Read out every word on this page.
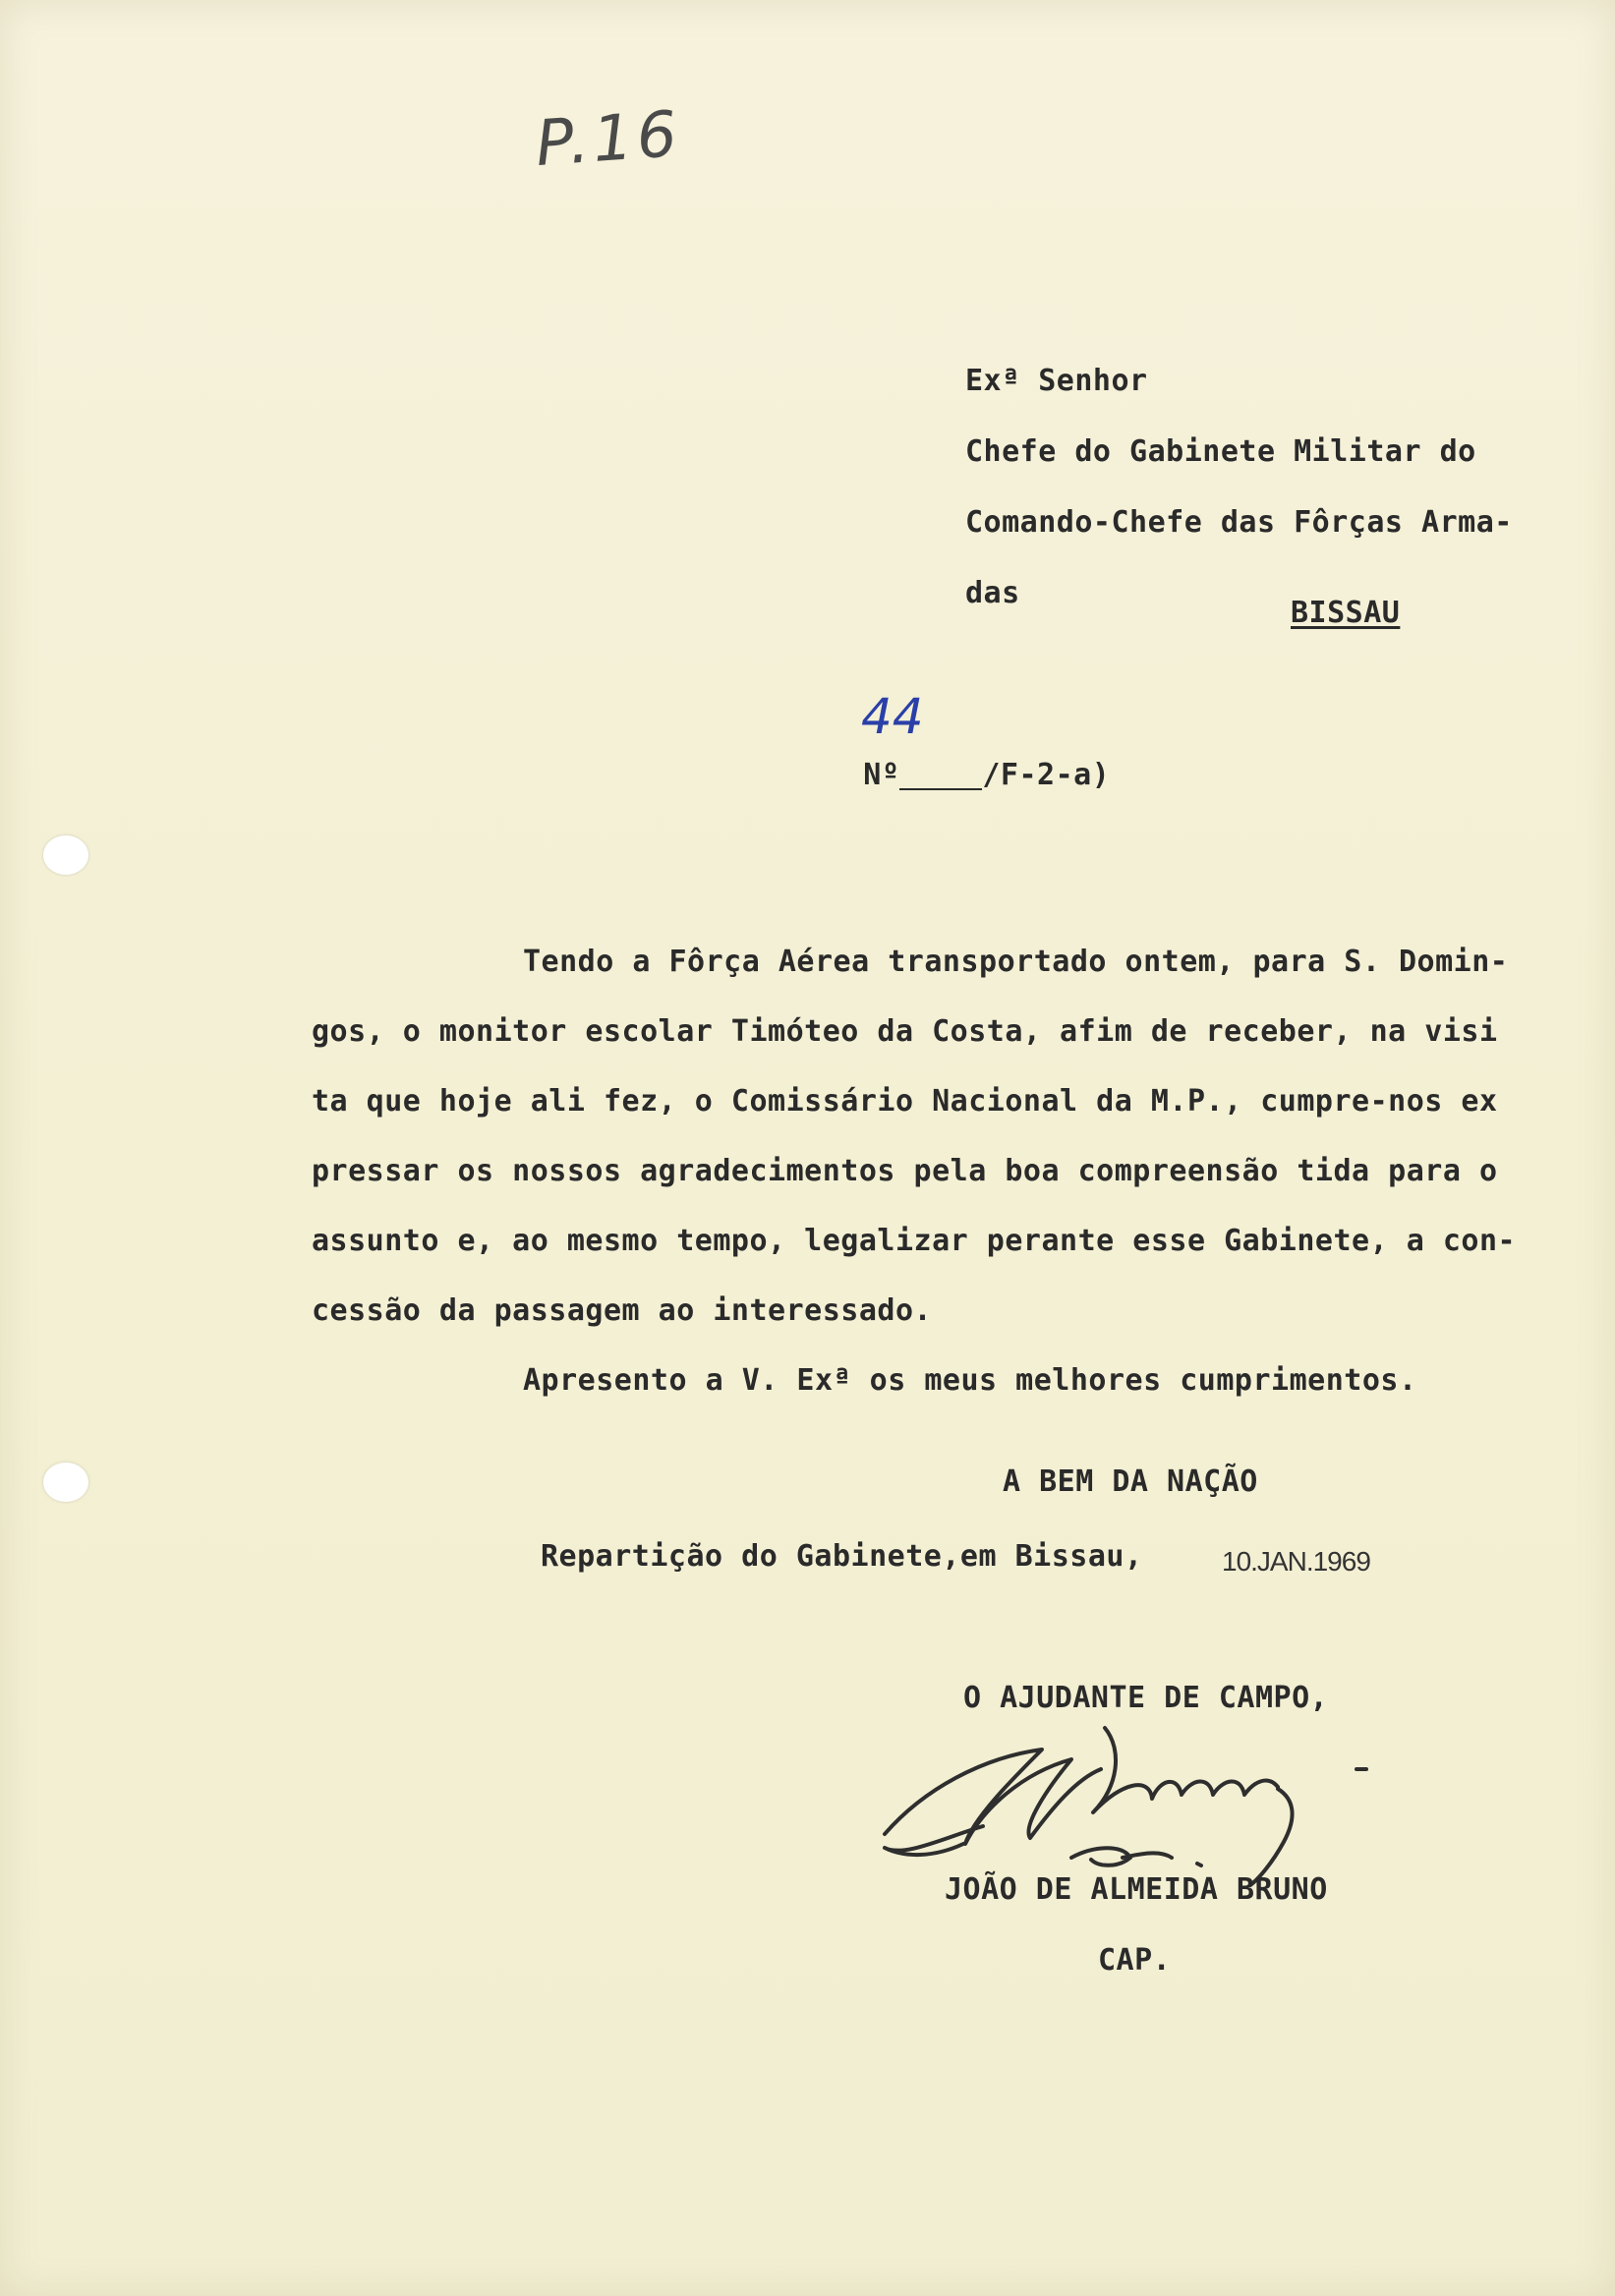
P.16
Exª Senhor
Chefe do Gabinete Militar do
Comando-Chefe das Fôrças Arma-
das
BISSAU

Nº	/F-2-a)

44
Tendo a Fôrça Aérea transportado ontem, para S. Domin-
gos, o monitor escolar Timóteo da Costa, afim de receber, na visi
ta que hoje ali fez, o Comissário Nacional da M.P., cumpre-nos ex
pressar os nossos agradecimentos pela boa compreensão tida para o
assunto e, ao mesmo tempo, legalizar perante esse Gabinete, a con-
cessão da passagem ao interessado.
Apresento a V. Exª os meus melhores cumprimentos.
A BEM DA NAÇÃO
Repartição do Gabinete,em Bissau,	10.JAN.1969
O AJUDANTE DE CAMPO,
JOÃO DE ALMEIDA BRUNO
CAP.
